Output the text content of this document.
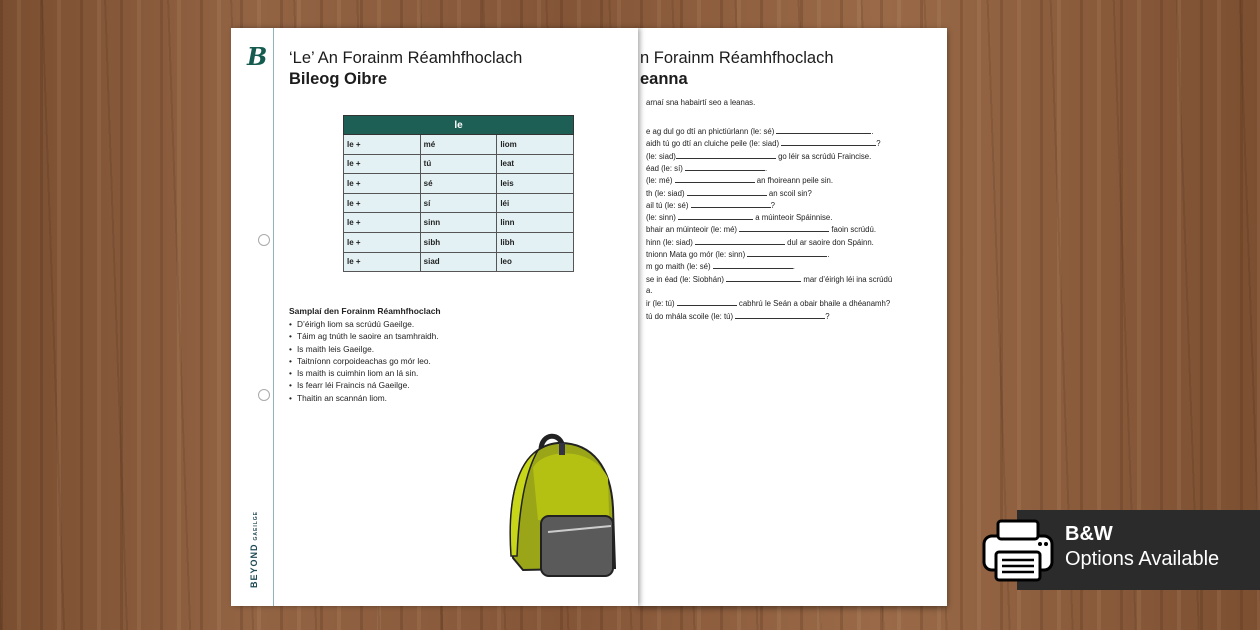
n Forainm Réamhfhoclach
eanna
arnaí sna habairtí seo a leanas.
e ag dul go dtí an phictiúrlann (le: sé)	.
aidh tú go dtí an cluiche peile (le: siad)	?
(le: siad)	go léir sa scrúdú Fraincise.
éad (le: sí)	.
(le: mé)	an fhoireann peile sin.
th (le: siad)	an scoil sin?
ail tú (le: sé)	?
(le: sinn)	a múinteoir Spáinnise.
bhair an múinteoir (le: mé)	faoin scrúdú.
hinn (le: siad)	dul ar saoire don Spáinn.
tnionn Mata go mór (le: sinn)	.
m go maith (le: sé)	.
se in éad (le: Siobhán)	mar d’éirigh léi ina scrúdú
a.
ir (le: tú)	cabhrú le Seán a obair bhaile a dhéanamh?
tú do mhála scoile (le: tú)	?
B ‘Le’ An Forainm Réamhfhoclach
Bileog Oibre
le		
le +	mé	liom
le +	tú	leat
le +	sé	leis
le +	sí	léi
le +	sinn	linn
le +	sibh	libh
le +	siad	leo
Samplaí den Forainm Réamhfhoclach
• D’éirigh liom sa scrúdú Gaeilge.
• Táim ag tnúth le saoire an tsamhraidh.
• Is maith leis Gaeilge.
• Taitníonn corpoideachas go mór leo.
• Is maith is cuimhin liom an lá sin.
• Is fearr léi Fraincis ná Gaeilge.
• Thaitin an scannán liom.
BEYONDGAEILGE	B&W
Options Available
